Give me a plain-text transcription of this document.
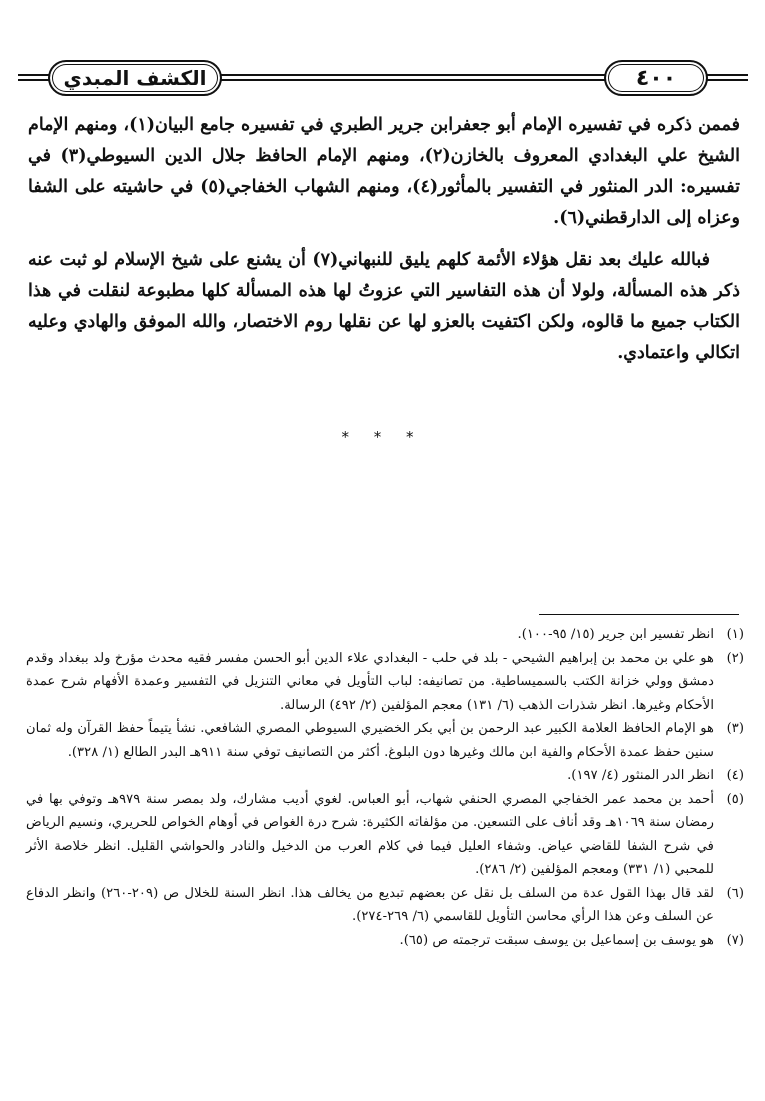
الكشف المبدي	٤٠٠

فممن ذكره في تفسيره الإمام أبو جعفرابن جرير الطبري في تفسيره جامع البيان(١)، ومنهم الإمام الشيخ علي البغدادي المعروف بالخازن(٢)، ومنهم الإمام الحافظ جلال الدين السيوطي(٣) في تفسيره: الدر المنثور في التفسير بالمأثور(٤)، ومنهم الشهاب الخفاجي(٥) في حاشيته على الشفا وعزاه إلى الدارقطني(٦).

فبالله عليك بعد نقل هؤلاء الأئمة كلهم يليق للنبهاني(٧) أن يشنع على شيخ الإسلام لو ثبت عنه ذكر هذه المسألة، ولولا أن هذه التفاسير التي عزوتُ لها هذه المسألة كلها مطبوعة لنقلت في هذا الكتاب جميع ما قالوه، ولكن اكتفيت بالعزو لها عن نقلها روم الاختصار، والله الموفق والهادي وعليه اتكالي واعتمادي.

* * *

(١)انظر تفسير ابن جرير (١٥/ ٩٥-١٠٠).

(٢)هو علي بن محمد بن إبراهيم الشيحي - بلد في حلب - البغدادي علاء الدين أبو الحسن مفسر فقيه محدث مؤرخ ولد ببغداد وقدم دمشق وولي خزانة الكتب بالسميساطية. من تصانيفه: لباب التأويل في معاني التنزيل في التفسير وعمدة الأفهام شرح عمدة الأحكام وغيرها. انظر شذرات الذهب (٦/ ١٣١) معجم المؤلفين (٢/ ٤٩٢) الرسالة.

(٣)هو الإمام الحافظ العلامة الكبير عبد الرحمن بن أبي بكر الخضيري السيوطي المصري الشافعي. نشأ يتيماً حفظ القرآن وله ثمان سنين حفظ عمدة الأحكام والفية ابن مالك وغيرها دون البلوغ. أكثر من التصانيف توفي سنة ٩١١هـ البدر الطالع (١/ ٣٢٨).

(٤)انظر الدر المنثور (٤/ ١٩٧).

(٥)أحمد بن محمد عمر الخفاجي المصري الحنفي شهاب، أبو العباس. لغوي أديب مشارك، ولد بمصر سنة ٩٧٩هـ وتوفي بها في رمضان سنة ١٠٦٩هـ وقد أناف على التسعين. من مؤلفاته الكثيرة: شرح درة الغواص في أوهام الخواص للحريري، ونسيم الرياض في شرح الشفا للقاضي عياض. وشفاء العليل فيما في كلام العرب من الدخيل والنادر والحواشي القليل. انظر خلاصة الأثر للمحبي (١/ ٣٣١) ومعجم المؤلفين (٢/ ٢٨٦).

(٦)لقد قال بهذا القول عدة من السلف بل نقل عن بعضهم تبديع من يخالف هذا. انظر السنة للخلال ص (٢٠٩-٢٦٠) وانظر الدفاع عن السلف وعن هذا الرأي محاسن التأويل للقاسمي (٦/ ٢٦٩-٢٧٤).

(٧)هو يوسف بن إسماعيل بن يوسف سبقت ترجمته ص (٦٥).
